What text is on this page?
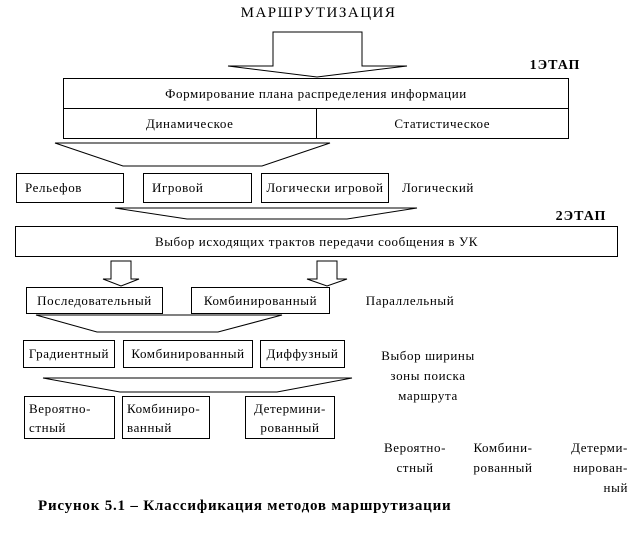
МАРШРУТИЗАЦИЯ
1ЭТАП
Формирование плана распределения информации
Динамическое	Статистическое
Рельефов	Игровой	Логически игровой	Логический
2ЭТАП
Выбор исходящих трактов передачи сообщения в УК
Последовательный	Комбинированный	Параллельный
Градиентный	Комбинированный	Диффузный	Выбор ширины
зоны поиска
маршрута
Вероятно-
стный
Комбиниро-
ванный
Детермини-
рованный
Вероятно-
стный
Комбини-
рованный
Детерми-
нирован-
ный
Рисунок 5.1 – Классификация методов маршрутизации
